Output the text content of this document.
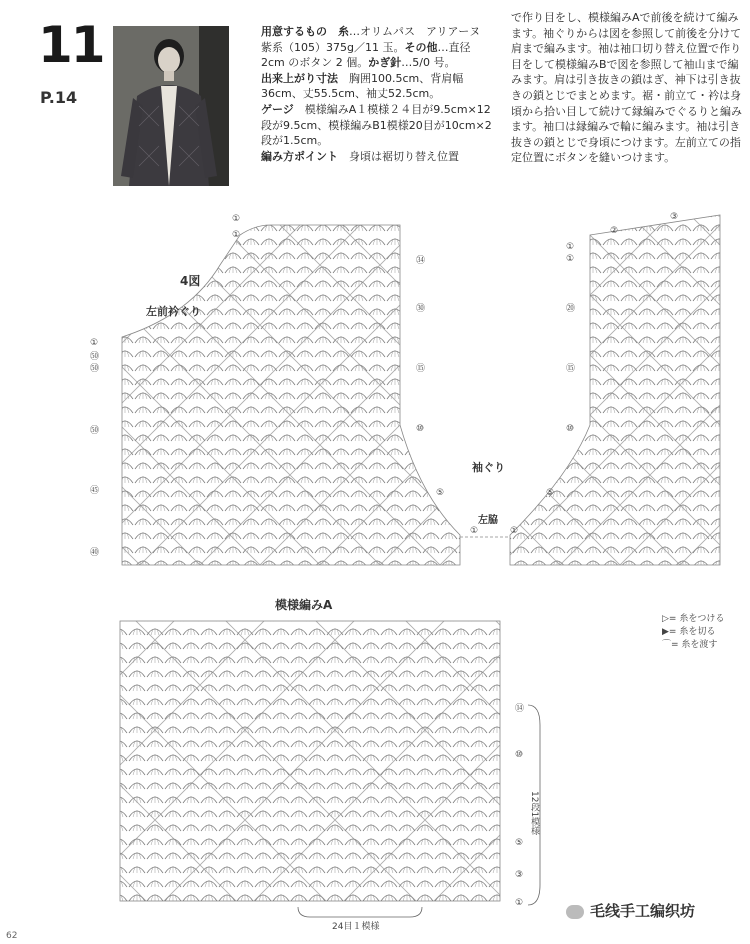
11
P.14
用意するもの　 糸…オリムパス　アリアーヌ　紫系（105）375g／11 玉。その他…直径 2cm のボタン 2 個。かぎ針…5/0 号。
出来上がり寸法　 胸囲100.5cm、背肩幅36cm、丈55.5cm、袖丈52.5cm。
ゲージ　 模様編みA１模様２４目が9.5cm×12段が9.5cm、模様編みB1模様20目が10cm×2段が1.5cm。
編み方ポイント　 身頃は裾切り替え位置
で作り目をし、模様編みAで前後を続けて編みます。袖ぐりからは図を参照して前後を分けて肩まで編みます。袖は袖口切り替え位置で作り目をして模様編みBで図を参照して袖山まで編みます。肩は引き抜きの鎖はぎ、神下は引き抜きの鎖とじでまとめます。裾・前立て・衿は身頃から拾い目して続けて縁編みでぐるりと編みます。袖口は縁編みで輪に編みます。袖は引き抜きの鎖とじで身頃につけます。左前立ての指定位置にボタンを縫いつけます。
4図
左前衿ぐり
袖ぐり
左脇
①
㊿
㊿
㊿
㊺
㊵
①
①
㉞
㉚
⑮
⑩
⑤
①	①
③
②
①
①
⑳
⑮
⑩
⑤
▷= 糸をつける
▶= 糸を切る
⌒= 糸を渡す
模様編みA
⑭
⑩
⑤
③
①
12段1模様
24目１模様
毛线手工编织坊
62
